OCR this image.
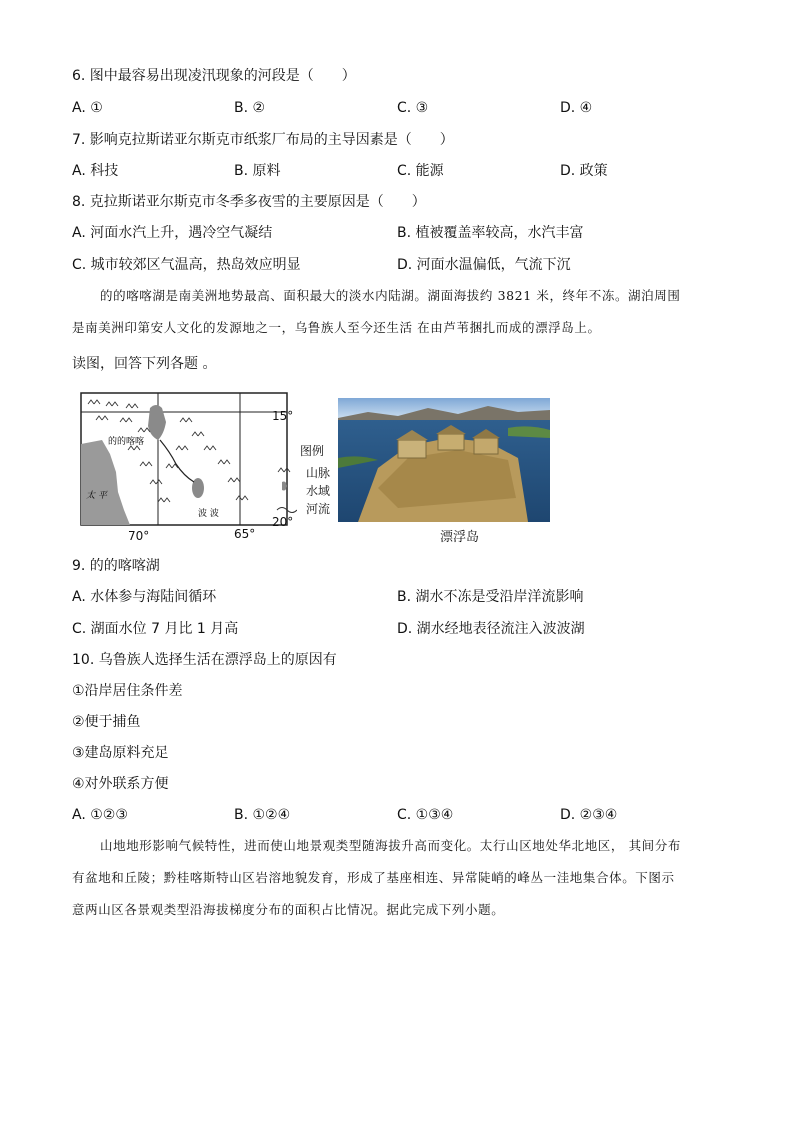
6. 图中最容易出现凌汛现象的河段是（　　）
A. ①	B. ②	C. ③	D. ④
7. 影响克拉斯诺亚尔斯克市纸浆厂布局的主导因素是（　　）
A. 科技	B. 原料	C. 能源	D. 政策
8. 克拉斯诺亚尔斯克市冬季多夜雪的主要原因是（　　）
A. 河面水汽上升，遇冷空气凝结	B. 植被覆盖率较高，水汽丰富
C. 城市较郊区气温高，热岛效应明显	D. 河面水温偏低，气流下沉
的的喀喀湖是南美洲地势最高、面积最大的淡水内陆湖。湖面海拔约 3821 米，终年不冻。湖泊周围
是南美洲印第安人文化的发源地之一，乌鲁族人至今还生活 在由芦苇捆扎而成的漂浮岛上。
读图，回答下列各题 。
的的喀喀
波 波
太 平
15°
20°
70°	65°
图例
山脉
水域
河流
漂浮岛
9. 的的喀喀湖
A. 水体参与海陆间循环	B. 湖水不冻是受沿岸洋流影响
C. 湖面水位 7 月比 1 月高	D. 湖水经地表径流注入波波湖
10. 乌鲁族人选择生活在漂浮岛上的原因有
①沿岸居住条件差
②便于捕鱼
③建岛原料充足
④对外联系方便
A. ①②③	B. ①②④	C. ①③④	D. ②③④
山地地形影响气候特性，进而使山地景观类型随海拔升高而变化。太行山区地处华北地区， 其间分布
有盆地和丘陵；黔桂喀斯特山区岩溶地貌发育，形成了基座相连、异常陡峭的峰丛一洼地集合体。下图示
意两山区各景观类型沿海拔梯度分布的面积占比情况。据此完成下列小题。
